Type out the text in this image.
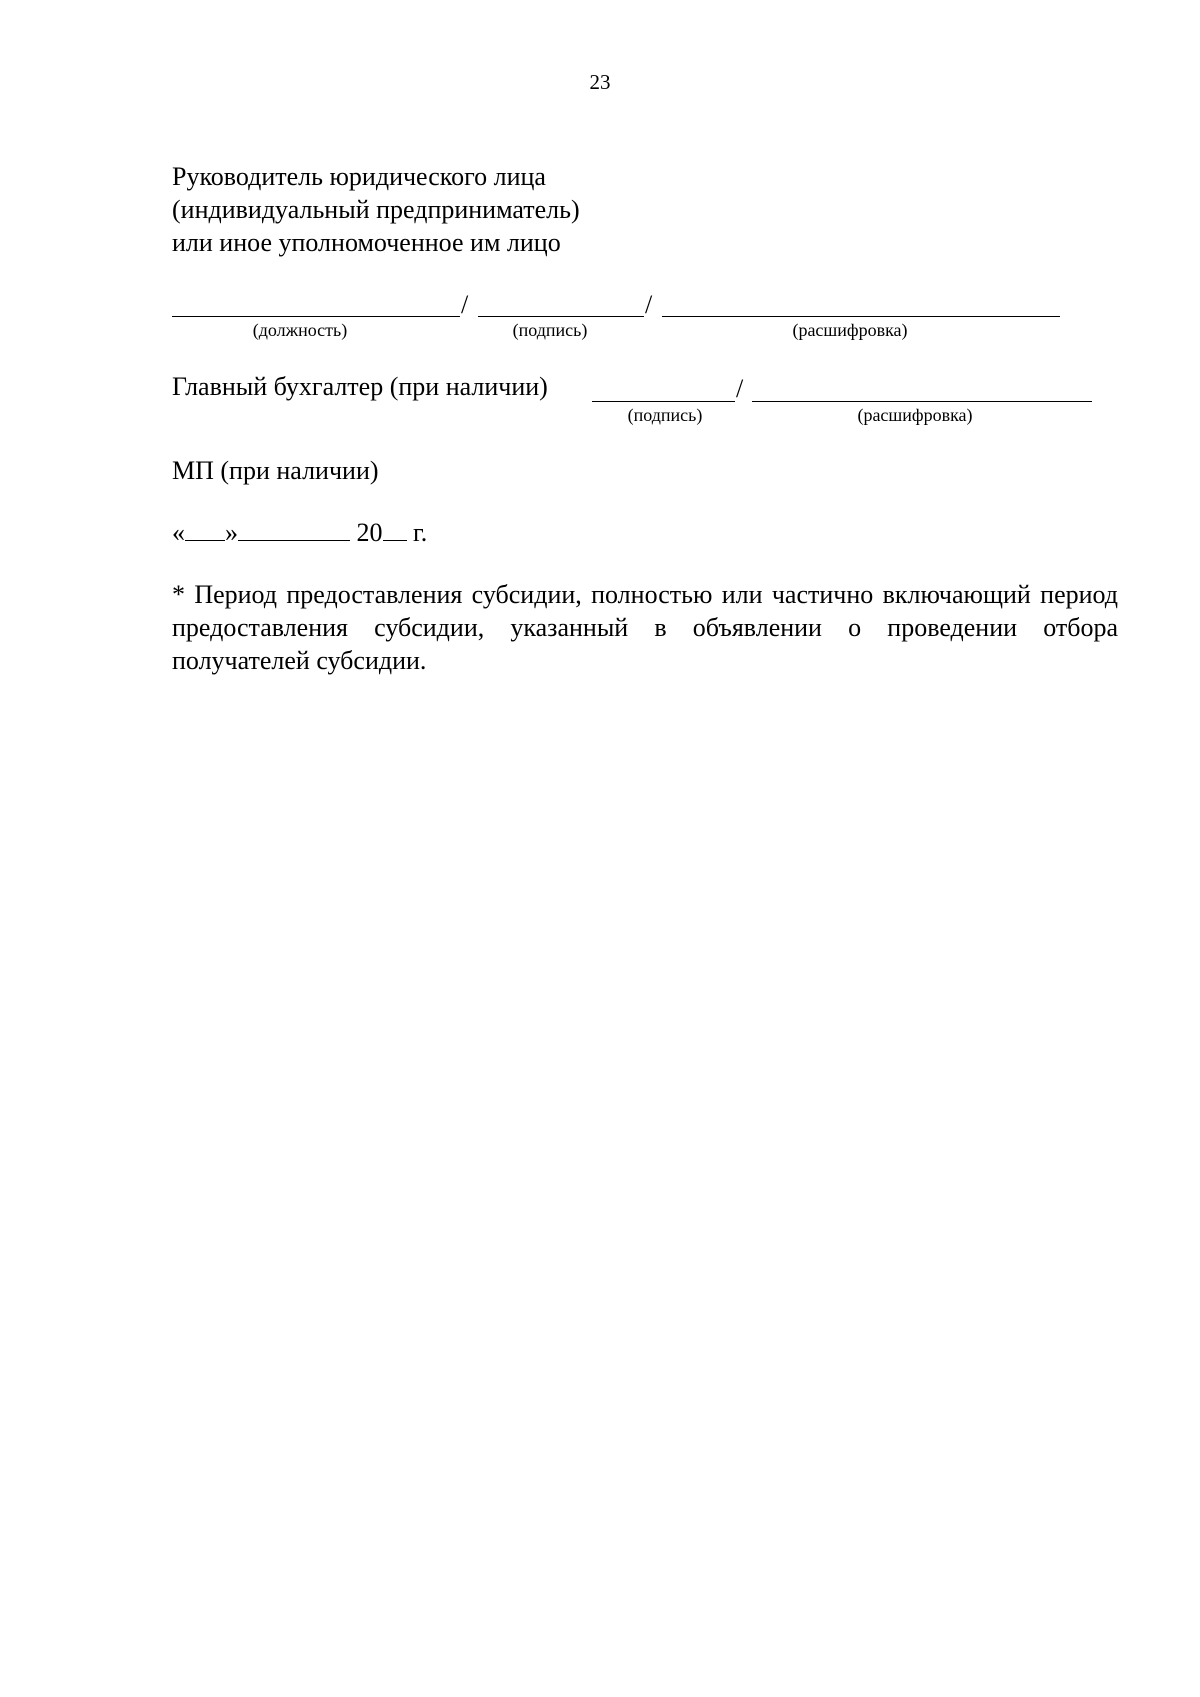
23
Руководитель юридического лица
(индивидуальный предприниматель)
или иное уполномоченное им лицо
/	/
(должность)	(подпись)	(расшифровка)
Главный бухгалтер (при наличии)	/
(подпись)	(расшифровка)
МП (при наличии)
« »	20 г.
* Период предоставления субсидии, полностью или частично включающий период предоставления субсидии, указанный в объявлении о проведении отбора получателей субсидии.
